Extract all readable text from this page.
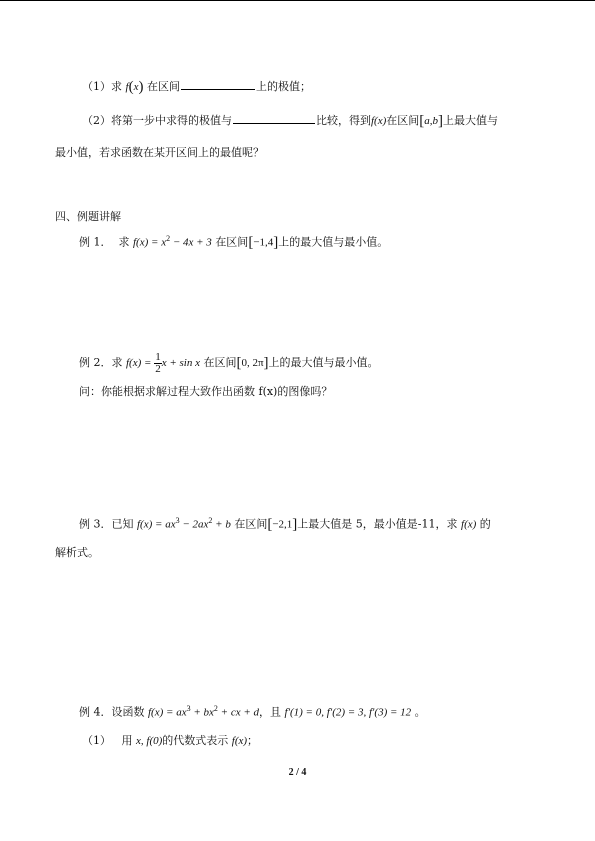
（1）求 f(x) 在区间	上的极值；
（2）将第一步中求得的极值与	比较，得到f(x)在区间[a,b]上最大值与
最小值，若求函数在某开区间上的最值呢？
四、例题讲解
例 1． 求 $f(x) = x^2 - 4x + 3$ 在区间[−1,4]上的最大值与最小值。
例 2．求 $f(x) = \frac{1}{2}$ x + sin x 在区间[0, 2π]上的最大值与最小值。
问：你能根据求解过程大致作出函数 f(x)的图像吗？
例 3．已知 $f(x) = ax^3 - 2ax^2 + b$ 在区间[−2,1]上最大值是 5，最小值是-11，求 f(x) 的
解析式。
例 4．设函数 $f(x) = ax^3 + bx^2$ + cx + d，且 f′(1) = 0, f′(2) = 3, f′(3) = 12 。
（1） 用 x, f(0)的代数式表示 f(x)；
2 / 4
